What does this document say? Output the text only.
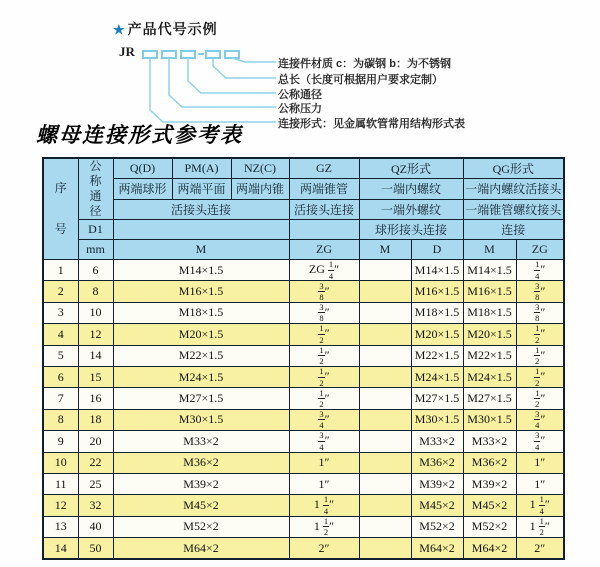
★ 产品代号示例
JR
连接件材质 c：为碳钢 b：为不锈钢
总长（长度可根据用户要求定制）
公称通径
公称压力
连接形式：见金属软管常用结构形式表
螺母连接形式参考表
序号	公称通径	Q(D)	PM(A)	NZ(C)	GZ	QZ形式		QG形式	
		两端球形	两端平面	两端内锥	两端锥管	一端内螺纹		一端内螺纹活接头	
		活接头连接			活接头连接	一端外螺纹		一端锥管螺纹接头	
	D1					球形接头连接		连接	
	mm	M			ZG	M	D	M	ZG
1	6	M14×1.5			ZG $\frac{1}{4}$ ″		M14×1.5	M14×1.5	$\frac{1}{4}$ ″
2	8	M16×1.5			$\frac{3}{8}$ ″		M16×1.5	M16×1.5	$\frac{3}{8}$ ″
3	10	M18×1.5			$\frac{3}{8}$ ″		M18×1.5	M18×1.5	$\frac{3}{8}$ ″
4	12	M20×1.5			$\frac{1}{2}$ ″		M20×1.5	M20×1.5	$\frac{1}{2}$ ″
5	14	M22×1.5			$\frac{1}{2}$ ″		M22×1.5	M22×1.5	$\frac{1}{2}$ ″
6	15	M24×1.5			$\frac{1}{2}$ ″		M24×1.5	M24×1.5	$\frac{1}{2}$ ″
7	16	M27×1.5			$\frac{1}{2}$ ″		M27×1.5	M27×1.5	$\frac{1}{2}$ ″
8	18	M30×1.5			$\frac{3}{4}$ ″		M30×1.5	M30×1.5	$\frac{3}{4}$ ″
9	20	M33×2			$\frac{3}{4}$ ″		M33×2	M33×2	$\frac{3}{4}$ ″
10	22	M36×2			1″		M36×2	M36×2	1″
11	25	M39×2			1″		M39×2	M39×2	1″
12	32	M45×2			$1 \frac{1}{4}$ ″		M45×2	M45×2	$1 \frac{1}{4}$ ″
13	40	M52×2			$1 \frac{1}{2}$ ″		M52×2	M52×2	$1 \frac{1}{2}$ ″
14	50	M64×2			2″		M64×2	M64×2	2″
